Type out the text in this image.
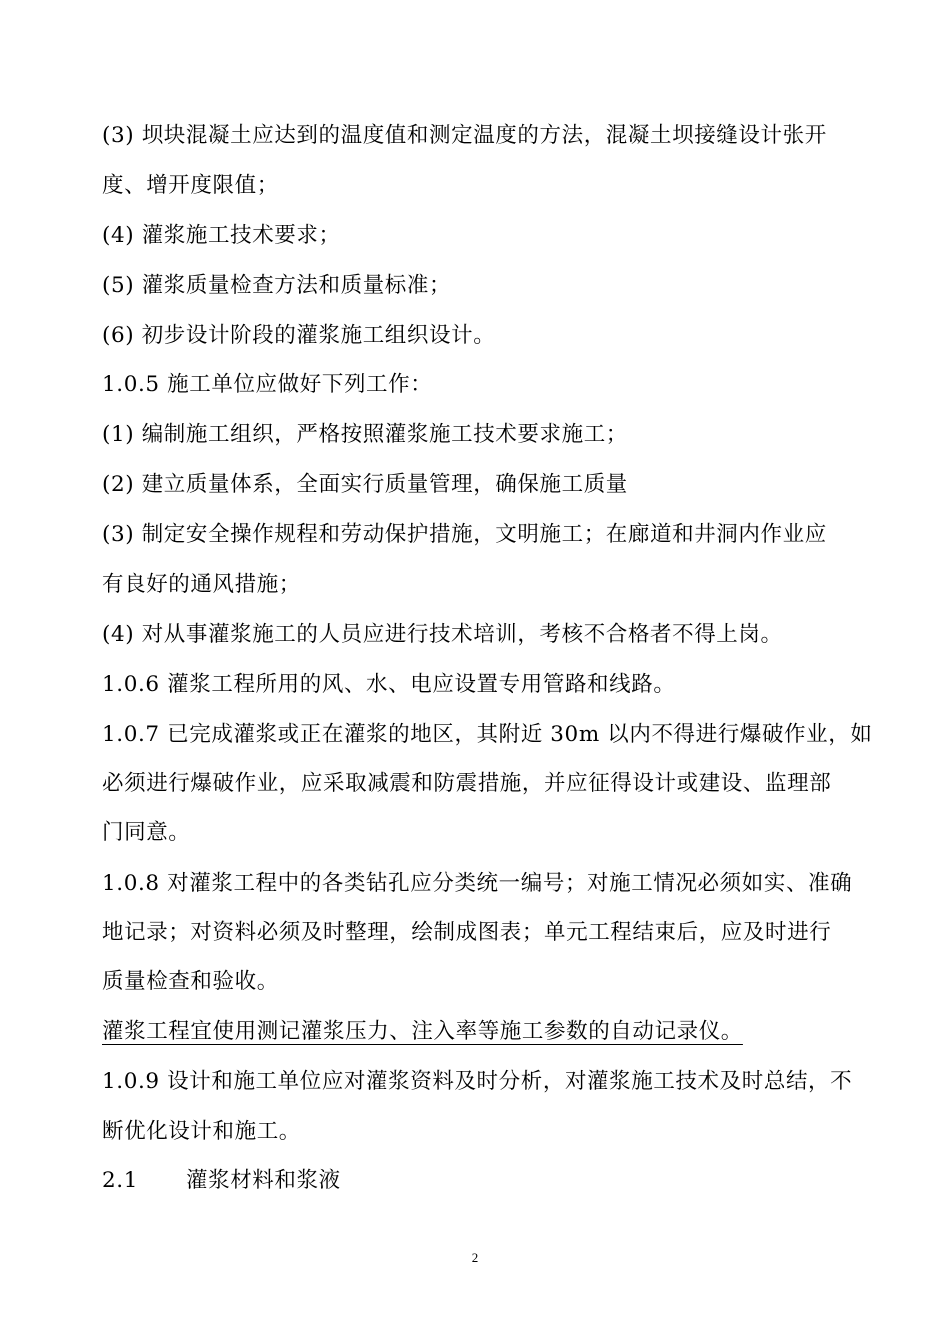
(3) 坝块混凝土应达到的温度值和测定温度的方法，混凝土坝接缝设计张开
度、增开度限值；
(4) 灌浆施工技术要求；
(5) 灌浆质量检查方法和质量标准；
(6) 初步设计阶段的灌浆施工组织设计。
1.0.5 施工单位应做好下列工作：
(1) 编制施工组织，严格按照灌浆施工技术要求施工；
(2) 建立质量体系，全面实行质量管理，确保施工质量
(3) 制定安全操作规程和劳动保护措施，文明施工；在廊道和井洞内作业应
有良好的通风措施；
(4) 对从事灌浆施工的人员应进行技术培训，考核不合格者不得上岗。
1.0.6 灌浆工程所用的风、水、电应设置专用管路和线路。
1.0.7 已完成灌浆或正在灌浆的地区，其附近 30m 以内不得进行爆破作业，如
必须进行爆破作业，应采取减震和防震措施，并应征得设计或建设、监理部
门同意。
1.0.8 对灌浆工程中的各类钻孔应分类统一编号；对施工情况必须如实、准确
地记录；对资料必须及时整理，绘制成图表；单元工程结束后，应及时进行
质量检查和验收。
灌浆工程宜使用测记灌浆压力、注入率等施工参数的自动记录仪。
1.0.9 设计和施工单位应对灌浆资料及时分析，对灌浆施工技术及时总结，不
断优化设计和施工。
2.1 灌浆材料和浆液
2
